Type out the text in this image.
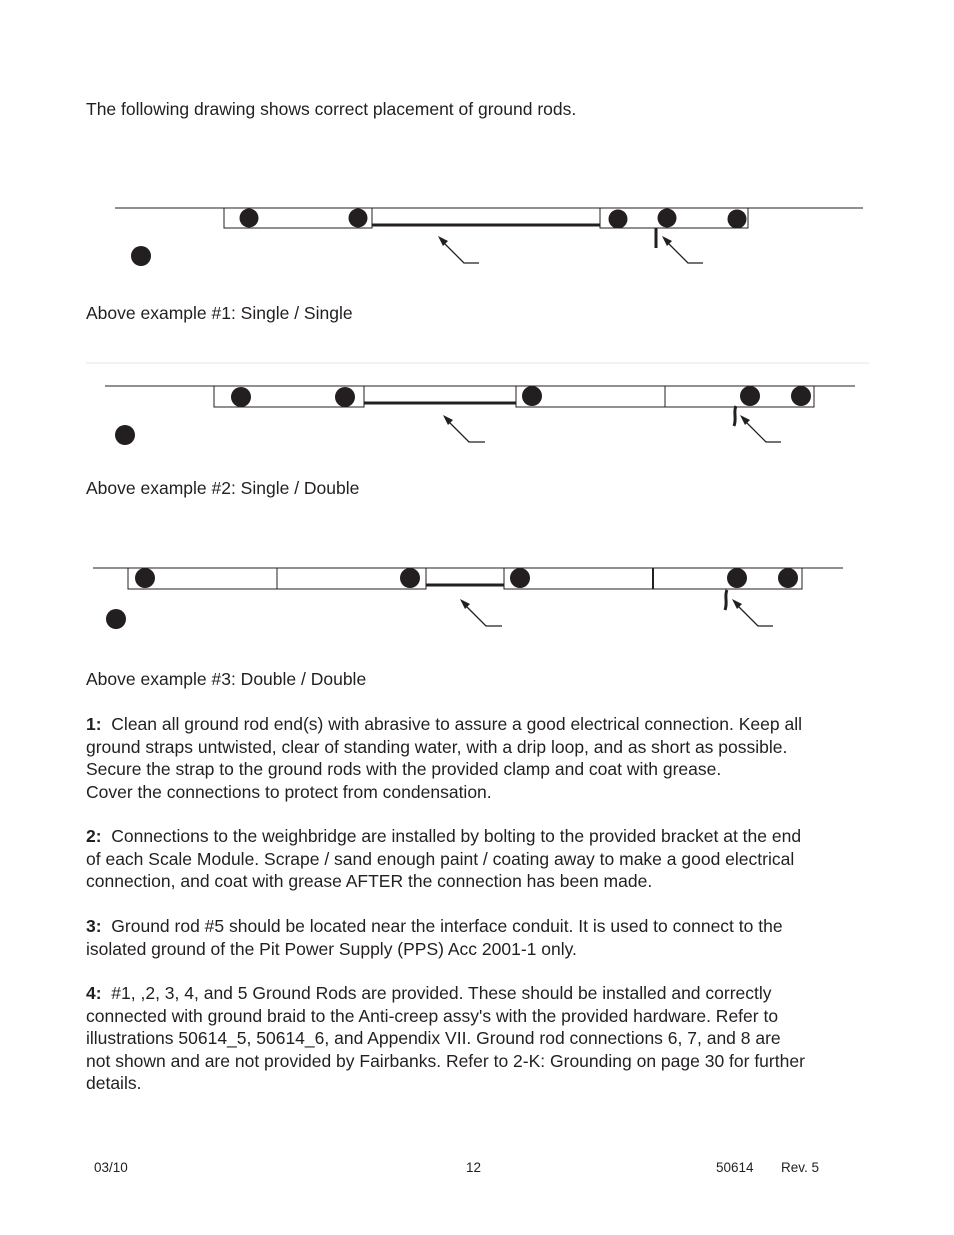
The following drawing shows correct placement of ground rods.
Above example #1: Single / Single
Above example #2: Single / Double
Above example #3: Double / Double
1: Clean all ground rod end(s) with abrasive to assure a good electrical connection. Keep all
ground straps untwisted, clear of standing water, with a drip loop, and as short as possible.
Secure the strap to the ground rods with the provided clamp and coat with grease.
Cover the connections to protect from condensation.
2: Connections to the weighbridge are installed by bolting to the provided bracket at the end
of each Scale Module. Scrape / sand enough paint / coating away to make a good electrical
connection, and coat with grease AFTER the connection has been made.
3: Ground rod #5 should be located near the interface conduit. It is used to connect to the
isolated ground of the Pit Power Supply (PPS) Acc 2001-1 only.
4: #1, ,2, 3, 4, and 5 Ground Rods are provided. These should be installed and correctly
connected with ground braid to the Anti-creep assy's with the provided hardware. Refer to
illustrations 50614_5, 50614_6, and Appendix VII. Ground rod connections 6, 7, and 8 are
not shown and are not provided by Fairbanks. Refer to 2-K: Grounding on page 30 for further
details.
03/10	12	50614 Rev. 5
